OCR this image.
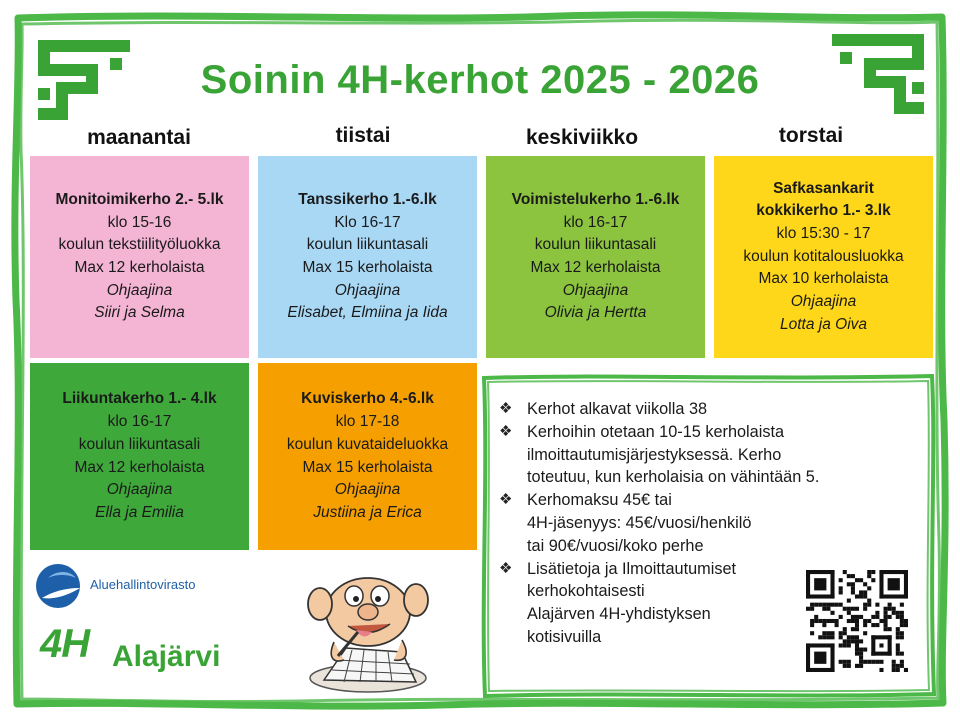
Soinin 4H-kerhot 2025 - 2026
maanantai	tiistai	keskiviikko	torstai
Monitoimikerho 2.- 5.lk
klo 15-16
koulun tekstiilityöluokka
Max 12 kerholaista
Ohjaajina
Siiri ja Selma
Tanssikerho 1.-6.lk
Klo 16-17
koulun liikuntasali
Max 15 kerholaista
Ohjaajina
Elisabet, Elmiina ja Iida
Voimistelukerho 1.-6.lk
klo 16-17
koulun liikuntasali
Max 12 kerholaista
Ohjaajina
Olivia ja Hertta
Safkasankarit
kokkikerho 1.- 3.lk
klo 15:30 - 17
koulun kotitalousluokka
Max 10 kerholaista
Ohjaajina
Lotta ja Oiva
Liikuntakerho 1.- 4.lk
klo 16-17
koulun liikuntasali
Max 12 kerholaista
Ohjaajina
Ella ja Emilia
Kuviskerho 4.-6.lk
klo 17-18
koulun kuvataideluokka
Max 15 kerholaista
Ohjaajina
Justiina ja Erica
❖ Kerhot alkavat viikolla 38
❖ Kerhoihin otetaan 10-15 kerholaista
ilmoittautumisjärjestyksessä. Kerho
toteutuu, kun kerholaisia on vähintään 5.
❖ Kerhomaksu 45€ tai
4H-jäsenyys: 45€/vuosi/henkilö
tai 90€/vuosi/koko perhe
❖ Lisätietoja ja Ilmoittautumiset
kerhokohtaisesti
Alajärven 4H-yhdistyksen
kotisivuilla
Aluehallintovirasto
4H Alajärvi
